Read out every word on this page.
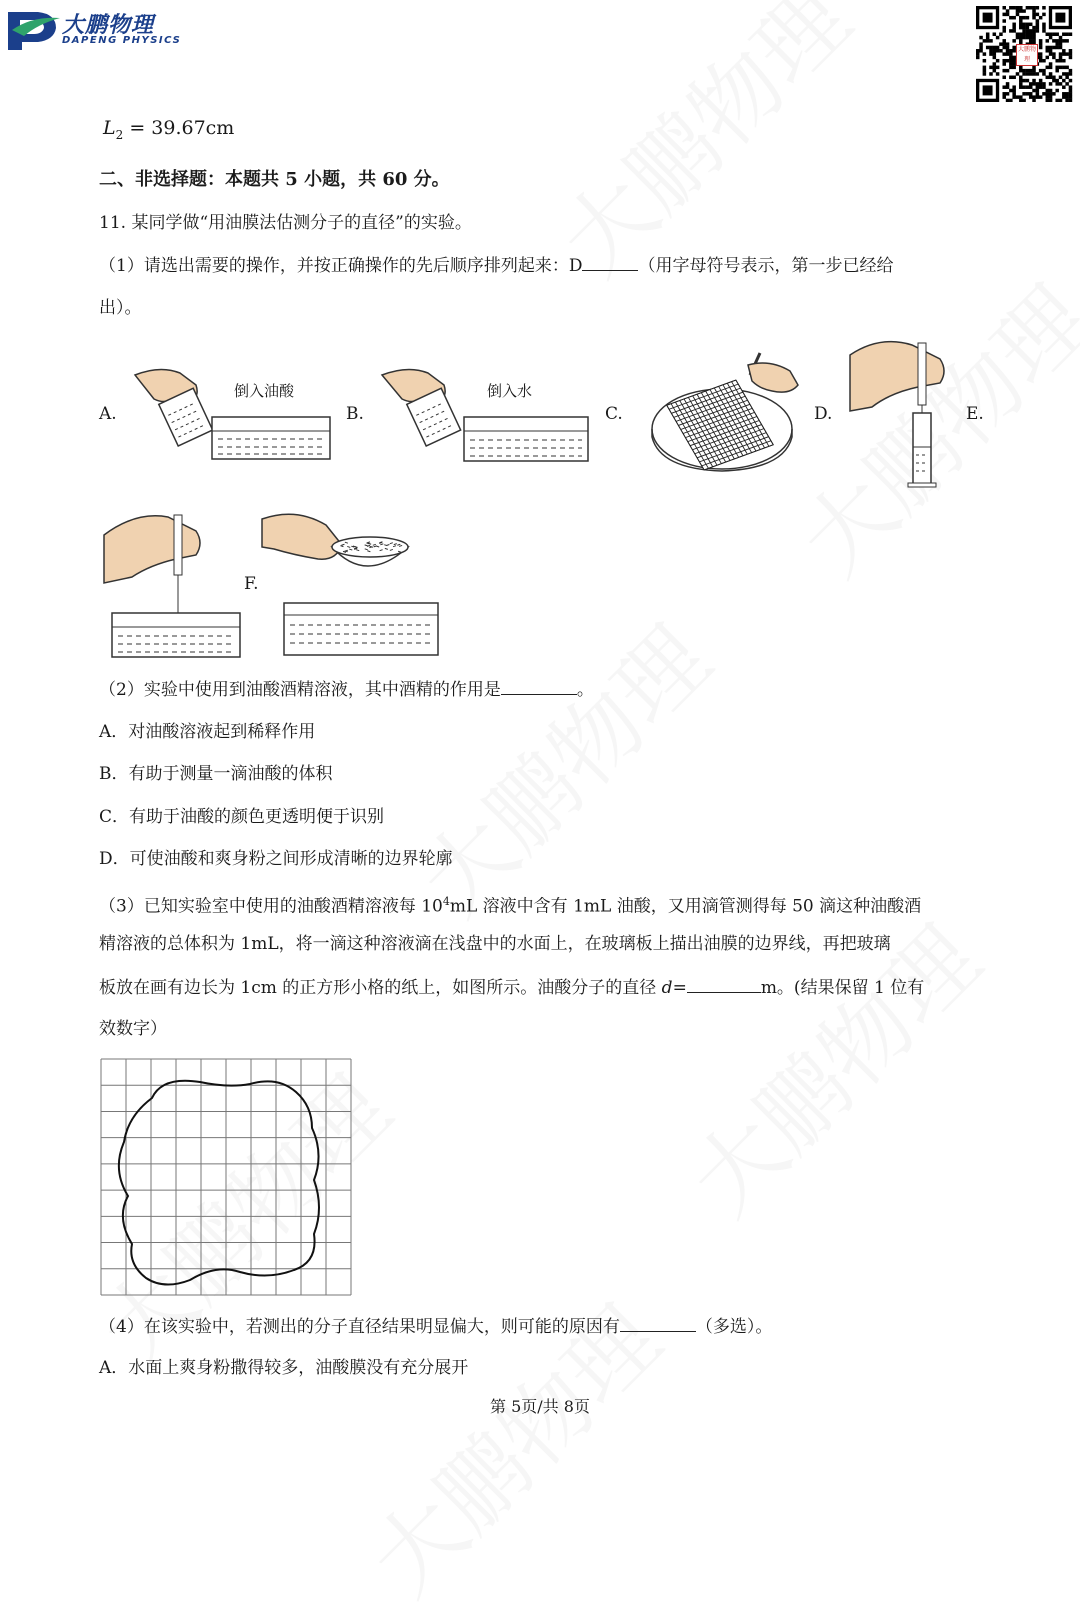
大鹏物理
DAPENG PHYSICS
大鹏物理
$L_2 = 39.67cm$
二、非选择题：本题共 5 小题，共 60 分。
11. 某同学做“用油膜法估测分子的直径”的实验。
（1）请选出需要的操作，并按正确操作的先后顺序排列起来：D	（用字母符号表示，第一步已经给
出）。
A.	B.	C.	D.	E.
F.
倒入油酸	倒入水
（2）实验中使用到油酸酒精溶液，其中酒精的作用是	。
A．对油酸溶液起到稀释作用
B．有助于测量一滴油酸的体积
C．有助于油酸的颜色更透明便于识别
D．可使油酸和爽身粉之间形成清晰的边界轮廓
（3）已知实验室中使用的油酸酒精溶液每 $10^4mL$ 溶液中含有 1mL 油酸，又用滴管测得每 50 滴这种油酸酒
精溶液的总体积为 1mL，将一滴这种溶液滴在浅盘中的水面上，在玻璃板上描出油膜的边界线，再把玻璃
板放在画有边长为 1cm 的正方形小格的纸上，如图所示。油酸分子的直径 d=	m。(结果保留 1 位有
效数字）
（4）在该实验中，若测出的分子直径结果明显偏大，则可能的原因有	（多选）。
A．水面上爽身粉撒得较多，油酸膜没有充分展开
第 5页/共 8页
